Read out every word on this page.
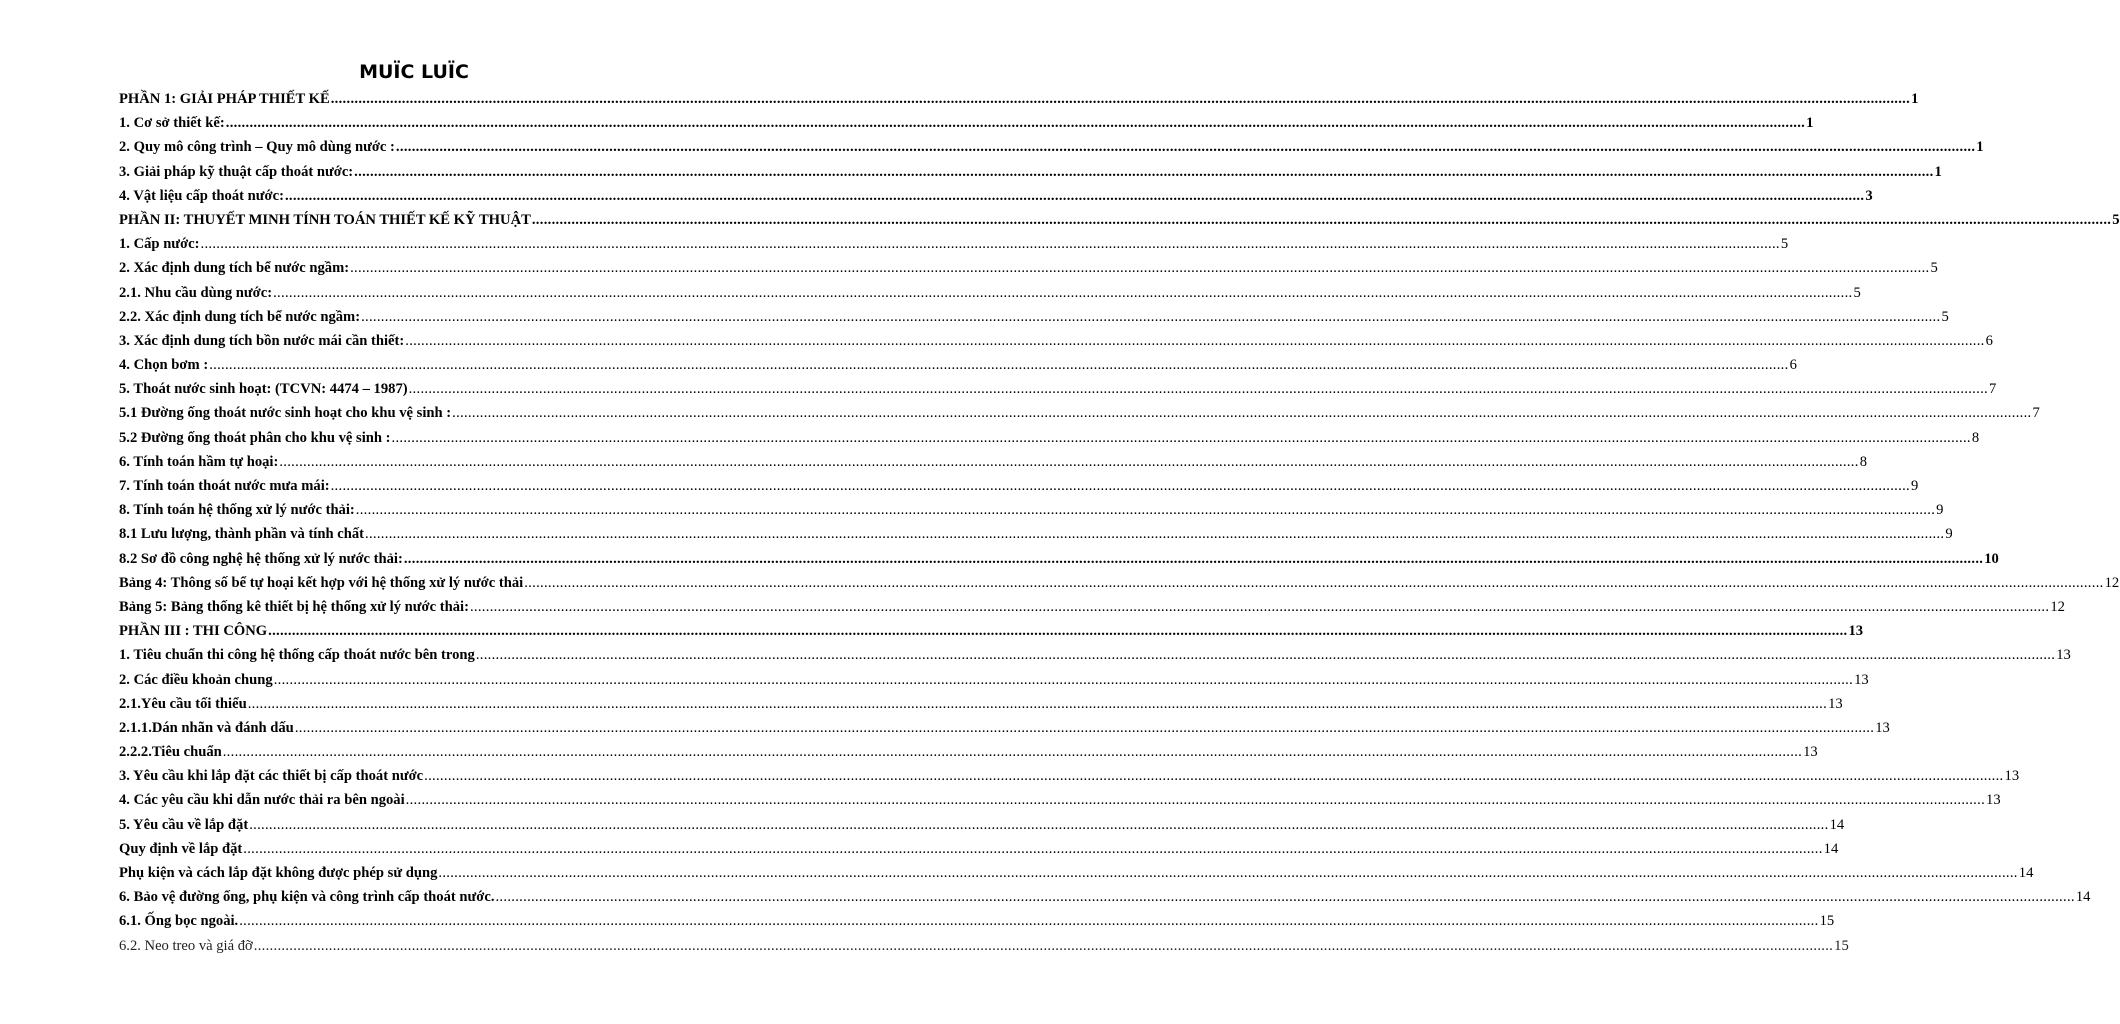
MUÏC LUÏC
PHẦN 1: GIẢI PHÁP THIẾT KẾ ................................................................................................................................................................................................................................................................................................................................................................................................................ 1
1. Cơ sở thiết kế: ................................................................................................................................................................................................................................................................................................................................................................................................................ 1
2. Quy mô công trình – Quy mô dùng nước : ................................................................................................................................................................................................................................................................................................................................................................................................................ 1
3. Giải pháp kỹ thuật cấp thoát nước: ................................................................................................................................................................................................................................................................................................................................................................................................................ 1
4. Vật liệu cấp thoát nước: ................................................................................................................................................................................................................................................................................................................................................................................................................ 3
PHẦN II: THUYẾT MINH TÍNH TOÁN THIẾT KẾ KỸ THUẬT ................................................................................................................................................................................................................................................................................................................................................................................................................ 5
1. Cấp nước: ................................................................................................................................................................................................................................................................................................................................................................................................................ 5
2. Xác định dung tích bể nước ngầm: ................................................................................................................................................................................................................................................................................................................................................................................................................ 5
2.1. Nhu cầu dùng nước: ................................................................................................................................................................................................................................................................................................................................................................................................................ 5
2.2. Xác định dung tích bể nước ngầm: ................................................................................................................................................................................................................................................................................................................................................................................................................ 5
3. Xác định dung tích bồn nước mái cần thiết: ................................................................................................................................................................................................................................................................................................................................................................................................................ 6
4. Chọn bơm : ................................................................................................................................................................................................................................................................................................................................................................................................................ 6
5. Thoát nước sinh hoạt: (TCVN: 4474 – 1987) ................................................................................................................................................................................................................................................................................................................................................................................................................ 7
5.1 Đường ống thoát nước sinh hoạt cho khu vệ sinh : ................................................................................................................................................................................................................................................................................................................................................................................................................ 7
5.2 Đường ống thoát phân cho khu vệ sinh : ................................................................................................................................................................................................................................................................................................................................................................................................................ 8
6. Tính toán hầm tự hoại: ................................................................................................................................................................................................................................................................................................................................................................................................................ 8
7. Tính toán thoát nước mưa mái: ................................................................................................................................................................................................................................................................................................................................................................................................................ 9
8. Tính toán hệ thống xử lý nước thải: ................................................................................................................................................................................................................................................................................................................................................................................................................ 9
8.1 Lưu lượng, thành phần và tính chất ................................................................................................................................................................................................................................................................................................................................................................................................................ 9
8.2 Sơ đồ công nghệ hệ thống xử lý nước thải: ................................................................................................................................................................................................................................................................................................................................................................................................................ 10
Bảng 4: Thông số bể tự hoại kết hợp với hệ thống xử lý nước thải ................................................................................................................................................................................................................................................................................................................................................................................................................ 12
Bảng 5: Bảng thống kê thiết bị hệ thống xử lý nước thải: ................................................................................................................................................................................................................................................................................................................................................................................................................ 12
PHẦN III : THI CÔNG ................................................................................................................................................................................................................................................................................................................................................................................................................ 13
1. Tiêu chuẩn thi công hệ thống cấp thoát nước bên trong ................................................................................................................................................................................................................................................................................................................................................................................................................ 13
2. Các điều khoản chung ................................................................................................................................................................................................................................................................................................................................................................................................................ 13
2.1.Yêu cầu tối thiểu ................................................................................................................................................................................................................................................................................................................................................................................................................ 13
2.1.1.Dán nhãn và đánh dấu ................................................................................................................................................................................................................................................................................................................................................................................................................ 13
2.2.2.Tiêu chuẩn ................................................................................................................................................................................................................................................................................................................................................................................................................ 13
3. Yêu cầu khi lắp đặt các thiết bị cấp thoát nước ................................................................................................................................................................................................................................................................................................................................................................................................................ 13
4. Các yêu cầu khi dẫn nước thải ra bên ngoài ................................................................................................................................................................................................................................................................................................................................................................................................................ 13
5. Yêu cầu về lắp đặt ................................................................................................................................................................................................................................................................................................................................................................................................................ 14
Quy định về lắp đặt ................................................................................................................................................................................................................................................................................................................................................................................................................ 14
Phụ kiện và cách lắp đặt không được phép sử dụng ................................................................................................................................................................................................................................................................................................................................................................................................................ 14
6. Bảo vệ đường ống, phụ kiện và công trình cấp thoát nước. ................................................................................................................................................................................................................................................................................................................................................................................................................ 14
6.1. Ống bọc ngoài. ................................................................................................................................................................................................................................................................................................................................................................................................................ 15
6.2. Neo treo và giá đỡ ................................................................................................................................................................................................................................................................................................................................................................................................................ 15
